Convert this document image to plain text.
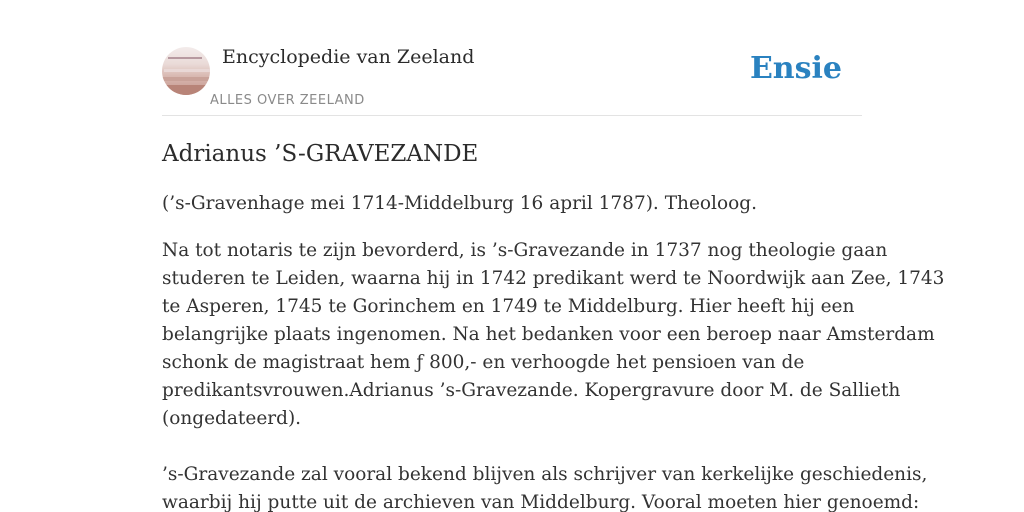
Encyclopedie van Zeeland
ALLES OVER ZEELAND
Ensie
Adrianus ’S-GRAVEZANDE

(’s-Gravenhage mei 1714-Middelburg 16 april 1787). Theoloog.

Na tot notaris te zijn bevorderd, is ’s-Gravezande in 1737 nog theologie gaan
studeren te Leiden, waarna hij in 1742 predikant werd te Noordwijk aan Zee, 1743
te Asperen, 1745 te Gorinchem en 1749 te Middelburg. Hier heeft hij een
belangrijke plaats ingenomen. Na het bedanken voor een beroep naar Amsterdam
schonk de magistraat hem ƒ 800,- en verhoogde het pensioen van de
predikantsvrouwen.Adrianus ’s-Gravezande. Kopergravure door M. de Sallieth
(ongedateerd).
’s-Gravezande zal vooral bekend blijven als schrijver van kerkelijke geschiedenis,
waarbij hij putte uit de archieven van Middelburg. Vooral moeten hier genoemd:
